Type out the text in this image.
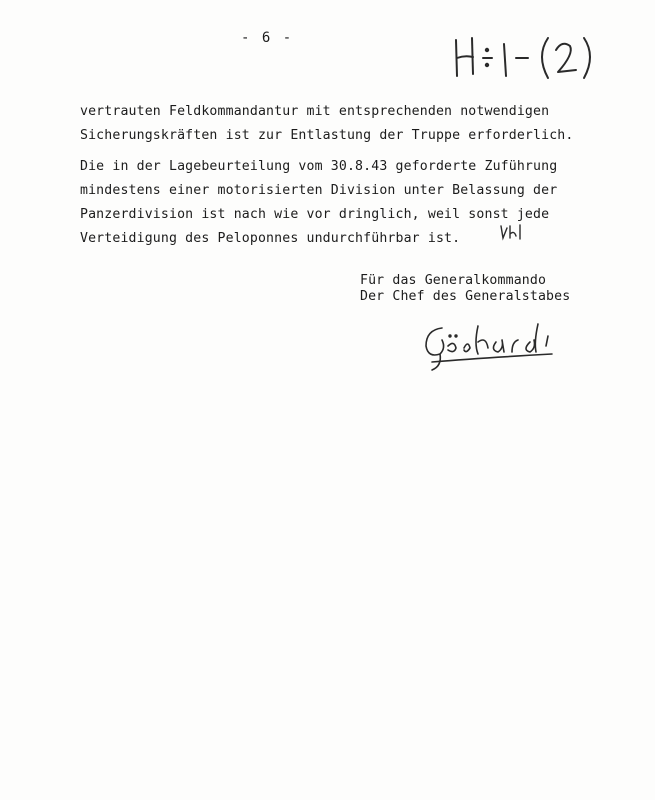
- 6 -
vertrauten Feldkommandantur mit entsprechenden notwendigen
Sicherungskräften ist zur Entlastung der Truppe erforderlich.
Die in der Lagebeurteilung vom 30.8.43 geforderte Zuführung
mindestens einer motorisierten Division unter Belassung der
Panzerdivision ist nach wie vor dringlich, weil sonst jede
Verteidigung des Peloponnes undurchführbar ist.
Für das Generalkommando
Der Chef des Generalstabes
